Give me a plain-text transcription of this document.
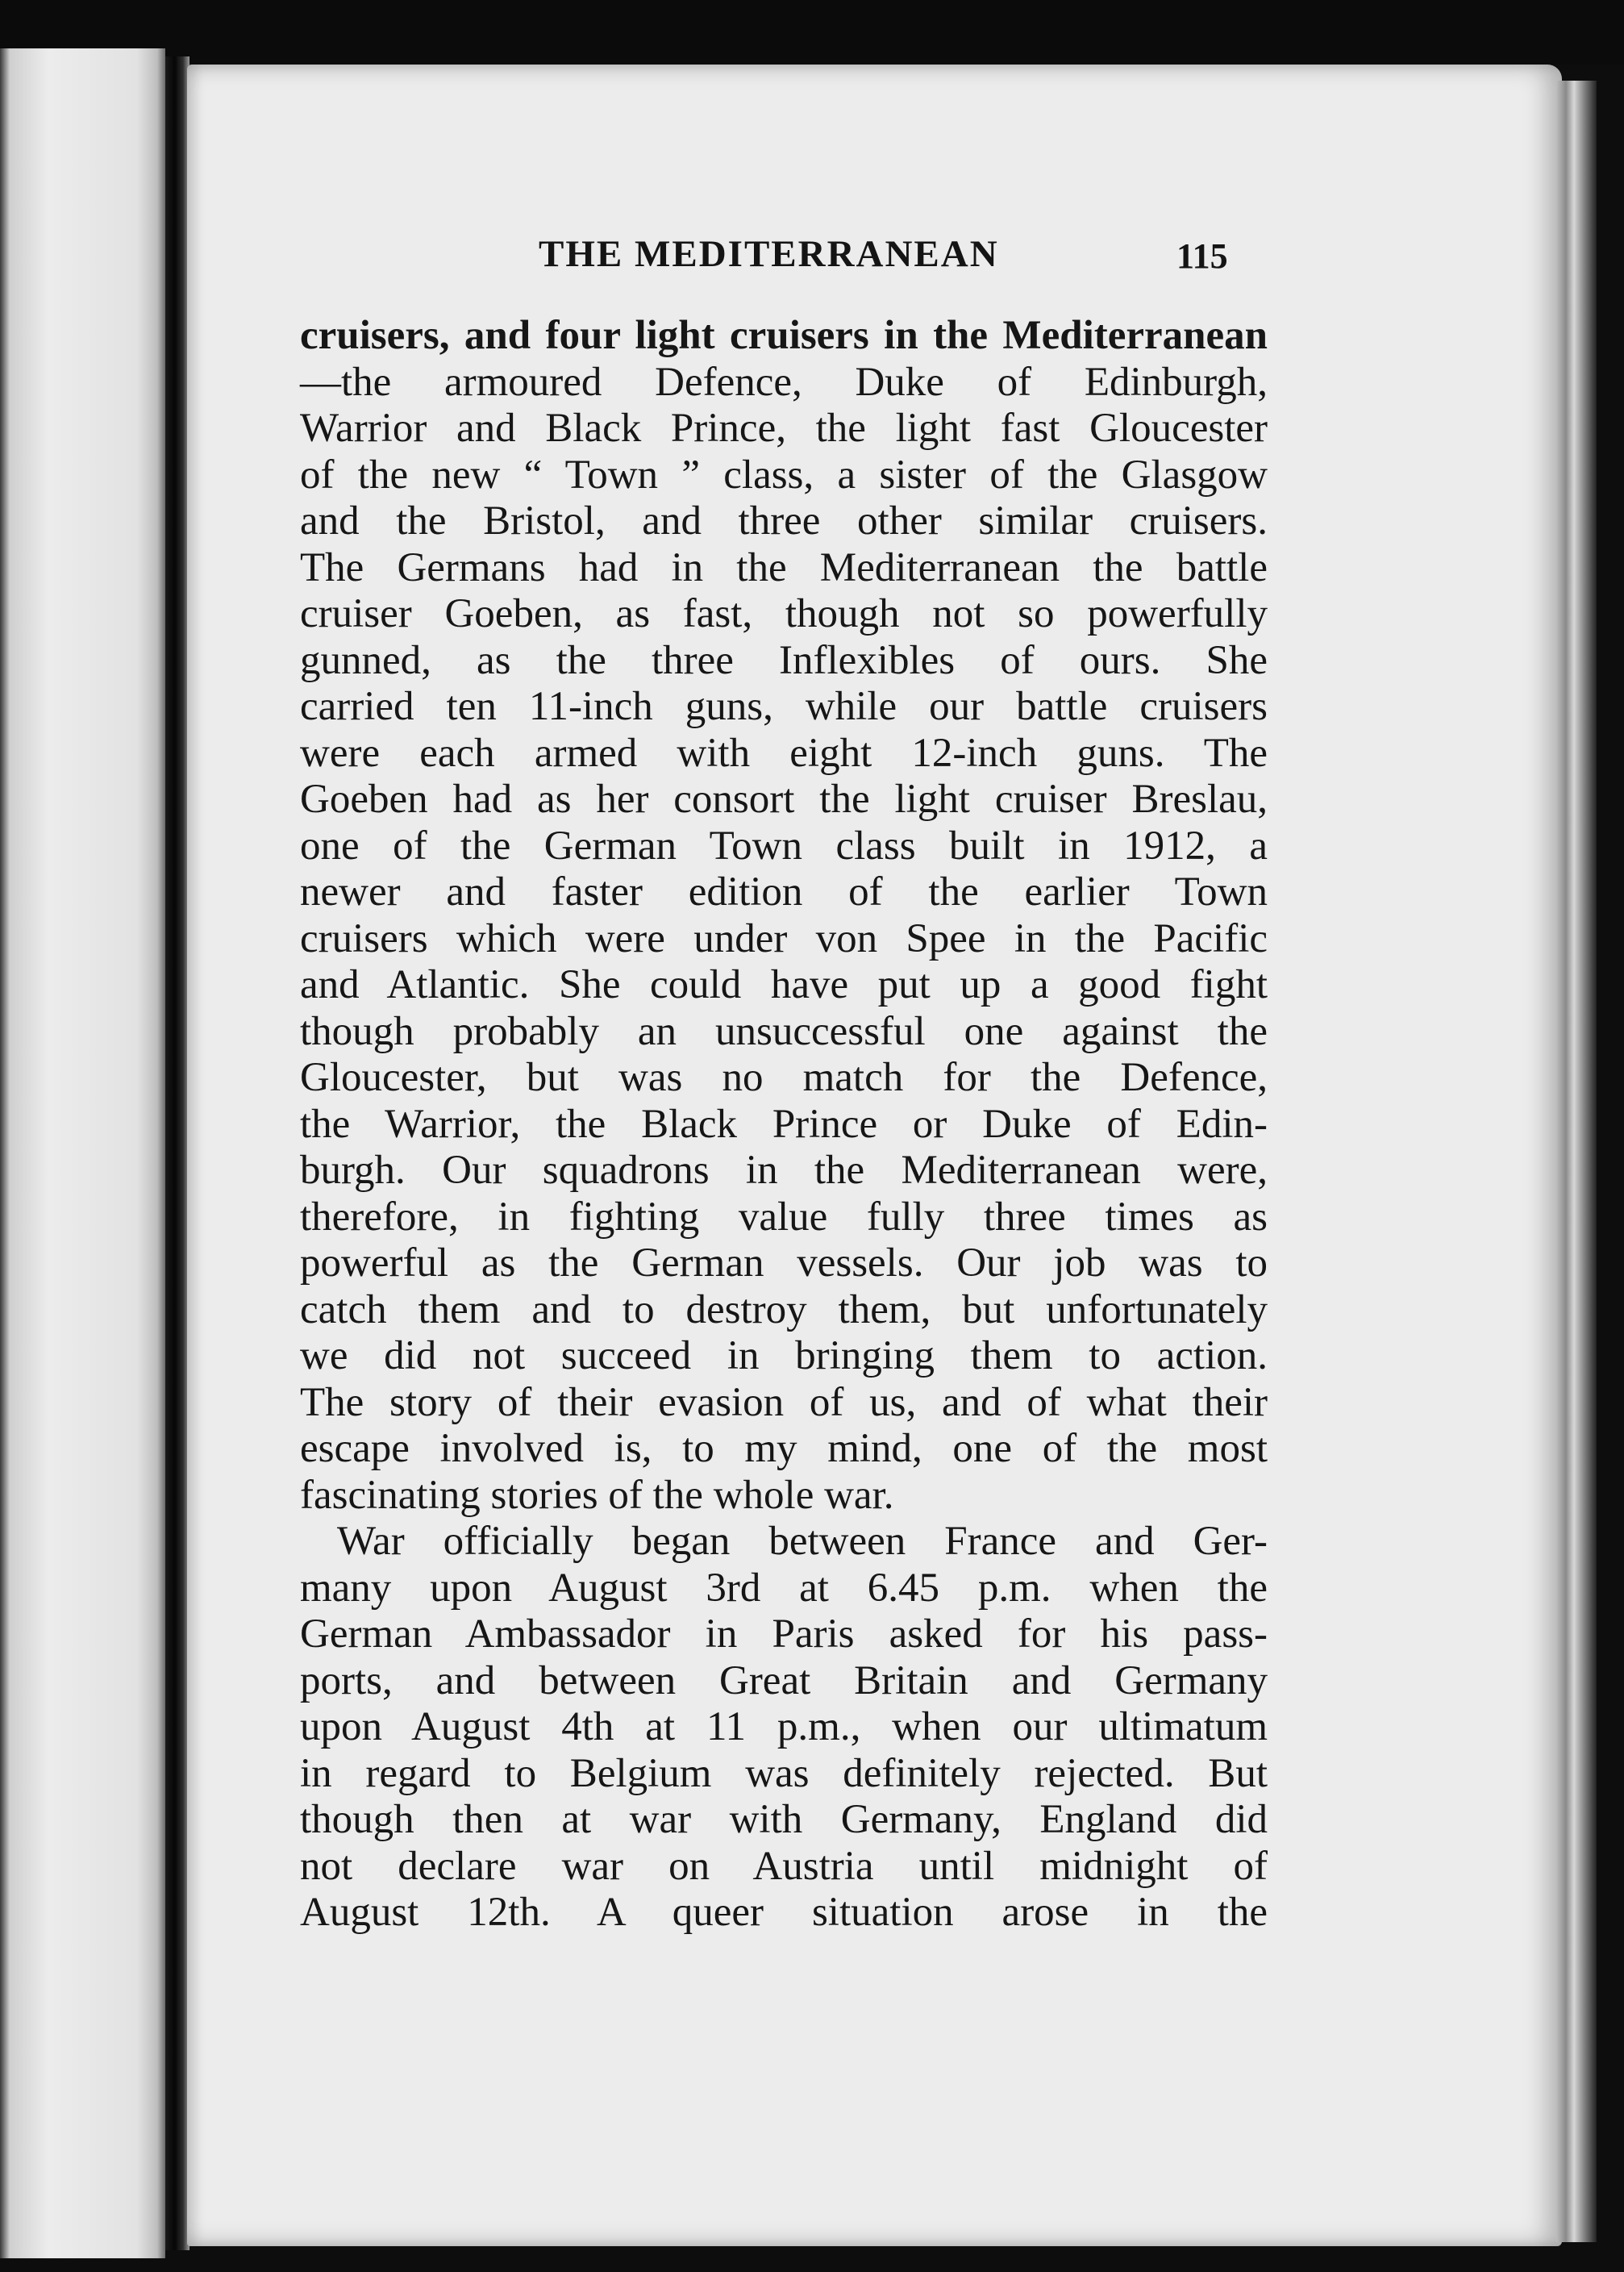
THE MEDITERRANEAN	115
cruisers, and four light cruisers in the Mediterranean
—the armoured Defence, Duke of Edinburgh,
Warrior and Black Prince, the light fast Gloucester
of the new “ Town ” class, a sister of the Glasgow
and the Bristol, and three other similar cruisers.
The Germans had in the Mediterranean the battle
cruiser Goeben, as fast, though not so powerfully
gunned, as the three Inflexibles of ours. She
carried ten 11-inch guns, while our battle cruisers
were each armed with eight 12-inch guns. The
Goeben had as her consort the light cruiser Breslau,
one of the German Town class built in 1912, a
newer and faster edition of the earlier Town
cruisers which were under von Spee in the Pacific
and Atlantic. She could have put up a good fight
though probably an unsuccessful one against the
Gloucester, but was no match for the Defence,
the Warrior, the Black Prince or Duke of Edin-
burgh. Our squadrons in the Mediterranean were,
therefore, in fighting value fully three times as
powerful as the German vessels. Our job was to
catch them and to destroy them, but unfortunately
we did not succeed in bringing them to action.
The story of their evasion of us, and of what their
escape involved is, to my mind, one of the most
fascinating stories of the whole war.
War officially began between France and Ger-
many upon August 3rd at 6.45 p.m. when the
German Ambassador in Paris asked for his pass-
ports, and between Great Britain and Germany
upon August 4th at 11 p.m., when our ultimatum
in regard to Belgium was definitely rejected. But
though then at war with Germany, England did
not declare war on Austria until midnight of
August 12th. A queer situation arose in the
